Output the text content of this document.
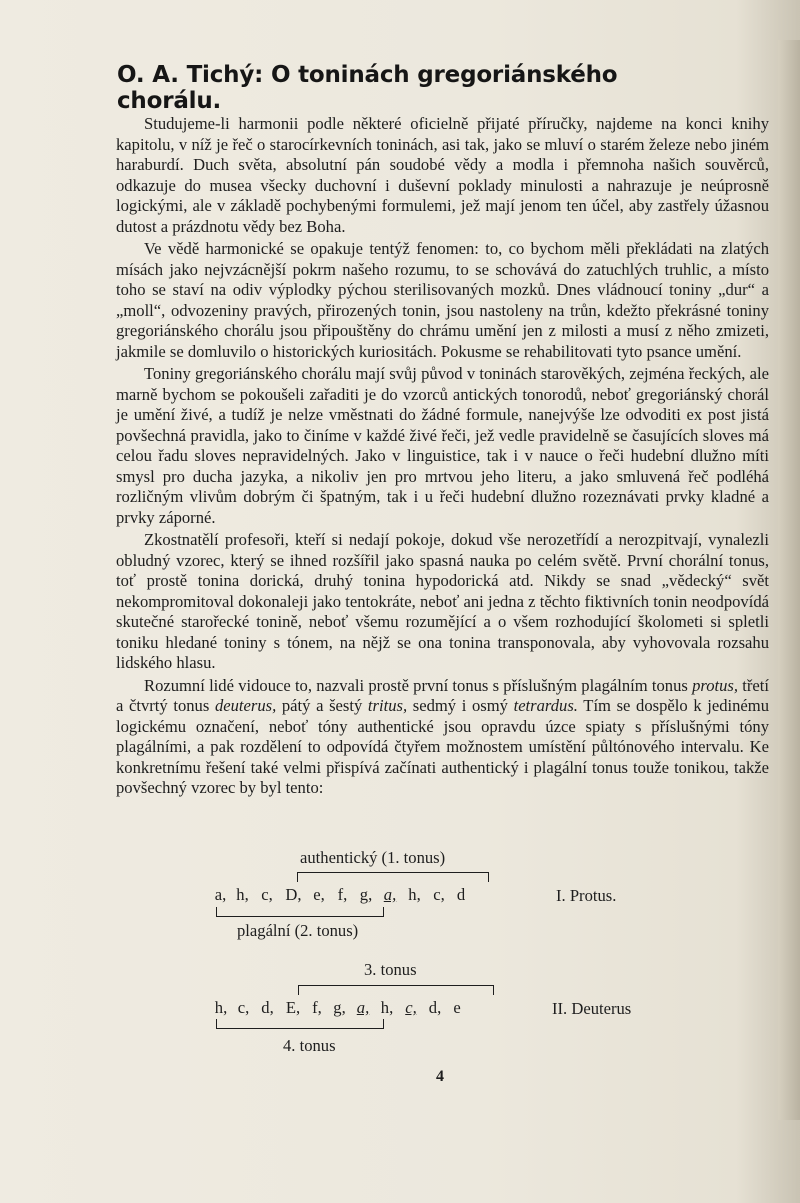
O. A. Tichý: O toninách gregoriánského chorálu.

Studujeme-li harmonii podle některé oficielně přijaté příručky, najdeme na konci knihy kapitolu, v níž je řeč o starocírkevních toninách, asi tak, jako se mluví o starém železe nebo jiném haraburdí. Duch světa, absolutní pán soudobé vědy a modla i přemnoha našich souvěrců, odkazuje do musea všecky duchovní i duševní poklady minulosti a nahrazuje je neúprosně logickými, ale v základě pochybenými formulemi, jež mají jenom ten účel, aby zastřely úžasnou dutost a prázdnotu vědy bez Boha.

Ve vědě harmonické se opakuje tentýž fenomen: to, co bychom měli překládati na zlatých mísách jako nejvzácnější pokrm našeho rozumu, to se schovává do zatuchlých truhlic, a místo toho se staví na odiv výplodky pýchou sterilisovaných mozků. Dnes vládnoucí toniny „dur“ a „moll“, odvozeniny pravých, přirozených tonin, jsou nastoleny na trůn, kdežto překrásné toniny gregoriánského chorálu jsou připouštěny do chrámu umění jen z milosti a musí z něho zmizeti, jakmile se domluvilo o historických kuriositách. Pokusme se rehabilitovati tyto psance umění.

Toniny gregoriánského chorálu mají svůj původ v toninách starověkých, zejména řeckých, ale marně bychom se pokoušeli zařaditi je do vzorců antických tonorodů, neboť gregoriánský chorál je umění živé, a tudíž je nelze vměstnati do žádné formule, nanejvýše lze odvoditi ex post jistá povšechná pravidla, jako to činíme v každé živé řeči, jež vedle pravidelně se časujících sloves má celou řadu sloves nepravidelných. Jako v linguistice, tak i v nauce o řeči hudební dlužno míti smysl pro ducha jazyka, a nikoliv jen pro mrtvou jeho literu, a jako smluvená řeč podléhá rozličným vlivům dobrým či špatným, tak i u řeči hudební dlužno rozeznávati prvky kladné a prvky záporné.

Zkostnatělí profesoři, kteří si nedají pokoje, dokud vše nerozetřídí a nerozpitvají, vynalezli obludný vzorec, který se ihned rozšířil jako spasná nauka po celém světě. První chorální tonus, toť prostě tonina dorická, druhý tonina hypodorická atd. Nikdy se snad „vědecký“ svět nekompromitoval dokonaleji jako tentokráte, neboť ani jedna z těchto fiktivních tonin neodpovídá skutečné starořecké tonině, neboť všemu rozumějící a o všem rozhodující školometi si spletli toniku hledané toniny s tónem, na nějž se ona tonina transponovala, aby vyhovovala rozsahu lidského hlasu.

Rozumní lidé vidouce to, nazvali prostě první tonus s příslušným plagálním tonus protus, třetí a čtvrtý tonus deuterus, pátý a šestý tritus, sedmý i osmý tetrardus. Tím se dospělo k jedinému logickému označení, neboť tóny authentické jsou opravdu úzce spiaty s příslušnými tóny plagálními, a pak rozdělení to odpovídá čtyřem možnostem umístění půltónového intervalu. Ke konkretnímu řešení také velmi přispívá začínati authentický i plagální tonus touže tonikou, takže povšechný vzorec by byl tento:

authentický (1. tonus)
a, h, c, D, e, f, g, a, h, c, d	I. Protus.
plagální (2. tonus)
3. tonus
h, c, d, E, f, g, a, h, c, d, e	II. Deuterus
4. tonus
4
